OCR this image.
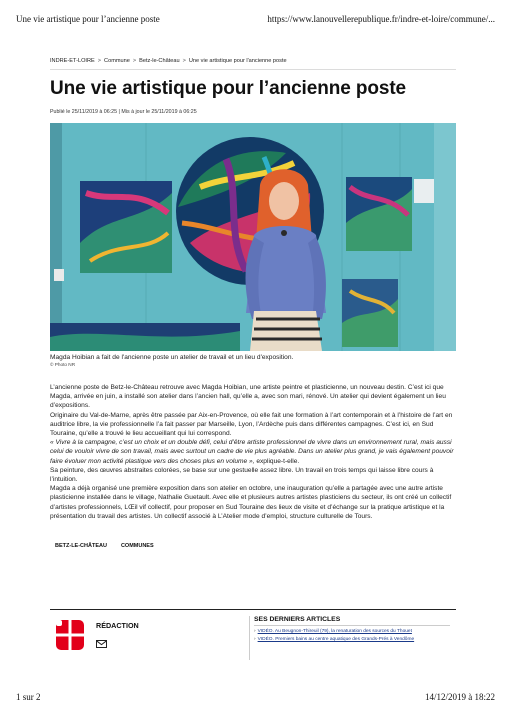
Une vie artistique pour l’ancienne poste	https://www.lanouvellerepublique.fr/indre-et-loire/commune/...
INDRE-ET-LOIRE > Commune > Betz-le-Château > Une vie artistique pour l'ancienne poste
Une vie artistique pour l’ancienne poste
Publié le 25/11/2019 à 06:25 | Mis à jour le 25/11/2019 à 06:25
Magda Hoibian a fait de l'ancienne poste un atelier de travail et un lieu d'exposition.
© Photo NR

L’ancienne poste de Betz-le-Château retrouve avec Magda Hoibian, une artiste peintre et plasticienne, un nouveau destin. C’est ici que Magda, arrivée en juin, a installé son atelier dans l’ancien hall, qu’elle a, avec son mari, rénové. Un atelier qui devient également un lieu d’expositions.

Originaire du Val-de-Marne, après être passée par Aix-en-Provence, où elle fait une formation à l’art contemporain et à l’histoire de l’art en auditrice libre, la vie professionnelle l’a fait passer par Marseille, Lyon, l’Ardèche puis dans différentes campagnes. C’est ici, en Sud Touraine, qu’elle a trouvé le lieu accueillant qui lui correspond.

« Vivre à la campagne, c’est un choix et un double défi, celui d’être artiste professionnel de vivre dans un environnement rural, mais aussi celui de vouloir vivre de son travail, mais avec surtout un cadre de vie plus agréable. Dans un atelier plus grand, je vais également pouvoir faire évoluer mon activité plastique vers des choses plus en volume », explique-t-elle.

Sa peinture, des œuvres abstraites colorées, se base sur une gestuelle assez libre. Un travail en trois temps qui laisse libre cours à l’intuition.

Magda a déjà organisé une première exposition dans son atelier en octobre, une inauguration qu’elle a partagée avec une autre artiste plasticienne installée dans le village, Nathalie Guetault. Avec elle et plusieurs autres artistes plasticiens du secteur, ils ont créé un collectif d’artistes professionnels, LŒil vif collectif, pour proposer en Sud Touraine des lieux de visite et d’échange sur la pratique artistique et la présentation du travail des artistes. Un collectif associé à L’Atelier mode d’emploi, structure culturelle de Tours.

BETZ-LE-CHÂTEAU	COMMUNES
RÉDACTION
SES DERNIERS ARTICLES
› VIDÉO. Au Beugnon-Thireuil (79), la renaturation des sources du Thouet
› VIDÉO. Premiers bains au centre aquatique des Grands-Prés à Vendôme
1 sur 2	14/12/2019 à 18:22
